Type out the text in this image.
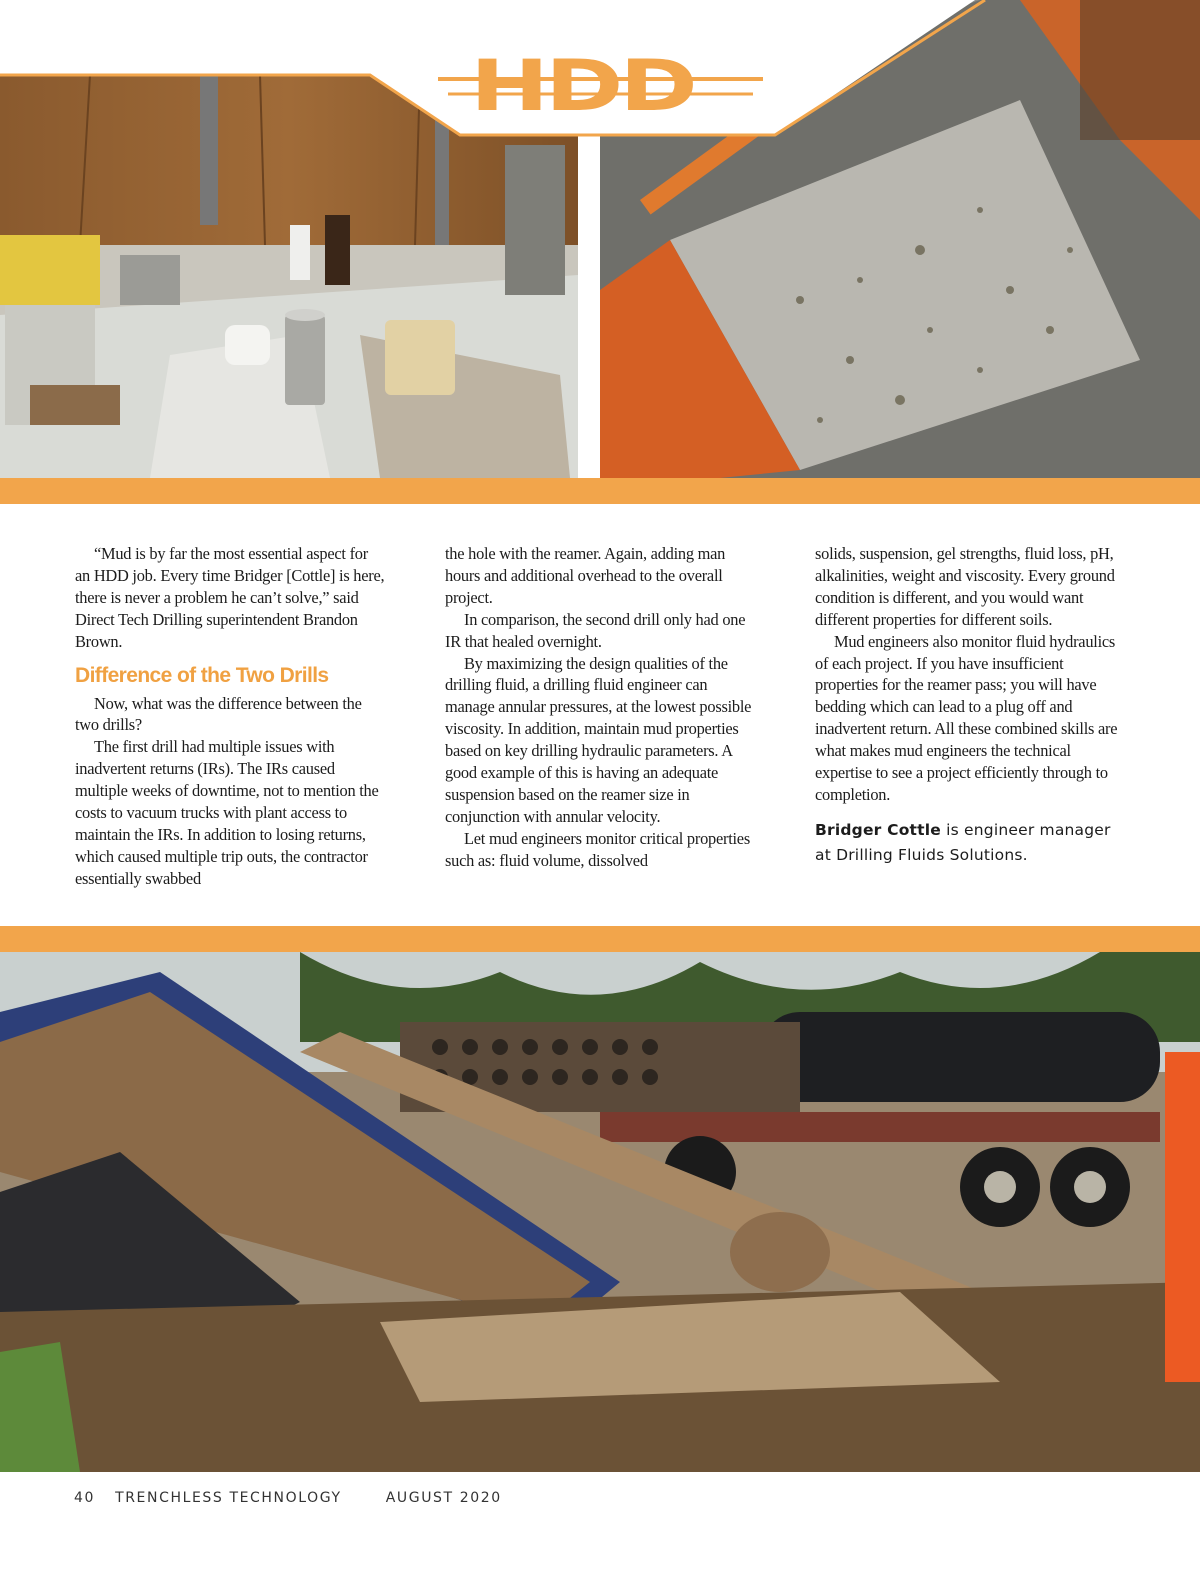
HDD

“Mud is by far the most essential aspect for an HDD job. Every time Bridger [Cottle] is here, there is never a problem he can’t solve,” said Direct Tech Drilling superintendent Brandon Brown.

Difference of the Two Drills

Now, what was the difference between the two drills?

The first drill had multiple issues with inadvertent returns (IRs). The IRs caused multiple weeks of downtime, not to mention the costs to vacuum trucks with plant access to maintain the IRs. In addition to losing returns, which caused multiple trip outs, the contractor essentially swabbed

the hole with the reamer. Again, adding man hours and additional overhead to the overall project.

In comparison, the second drill only had one IR that healed overnight.

By maximizing the design qualities of the drilling fluid, a drilling fluid engineer can manage annular pressures, at the lowest possible viscosity. In addition, maintain mud properties based on key drilling hydraulic parameters. A good example of this is having an adequate suspension based on the reamer size in conjunction with annular velocity.

Let mud engineers monitor critical properties such as: fluid volume, dissolved

solids, suspension, gel strengths, fluid loss, pH, alkalinities, weight and viscosity. Every ground condition is different, and you would want different properties for different soils.

Mud engineers also monitor fluid hydraulics of each project. If you have insufficient properties for the reamer pass; you will have bedding which can lead to a plug off and inadvertent return. All these combined skills are what makes mud engineers the technical expertise to see a project efficiently through to completion.

Bridger Cottle is engineer manager at Drilling Fluids Solutions.
40 TRENCHLESS TECHNOLOGY	AUGUST 2020
